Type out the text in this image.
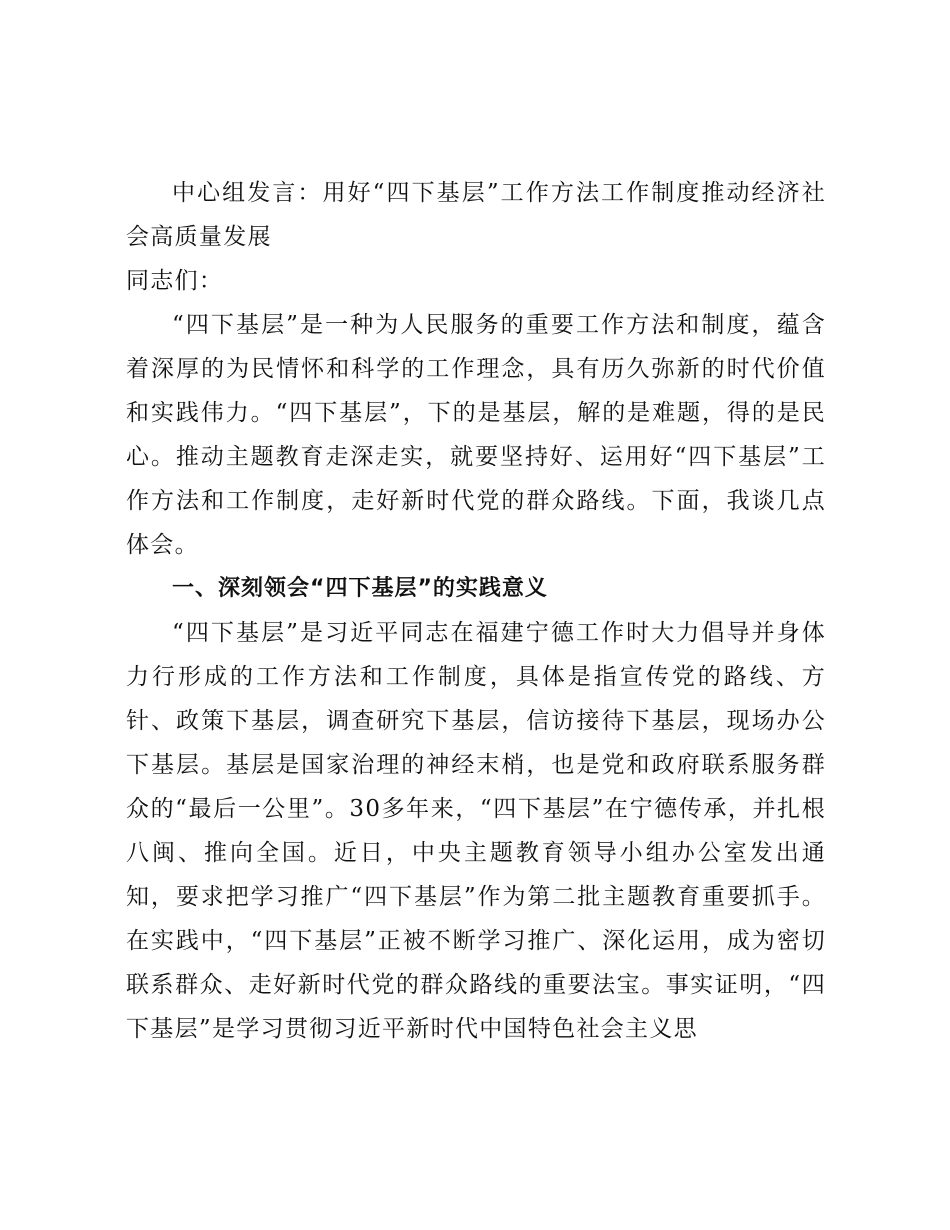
中心组发言：用好“四下基层”工作方法工作制度推动经济社会高质量发展

同志们：

“四下基层”是一种为人民服务的重要工作方法和制度，蕴含着深厚的为民情怀和科学的工作理念，具有历久弥新的时代价值和实践伟力。“四下基层”，下的是基层，解的是难题，得的是民心。推动主题教育走深走实，就要坚持好、运用好“四下基层”工作方法和工作制度，走好新时代党的群众路线。下面，我谈几点体会。

一、深刻领会“四下基层”的实践意义

“四下基层”是习近平同志在福建宁德工作时大力倡导并身体力行形成的工作方法和工作制度，具体是指宣传党的路线、方针、政策下基层，调查研究下基层，信访接待下基层，现场办公下基层。基层是国家治理的神经末梢，也是党和政府联系服务群众的“最后一公里”。30多年来，“四下基层”在宁德传承，并扎根八闽、推向全国。近日，中央主题教育领导小组办公室发出通知，要求把学习推广“四下基层”作为第二批主题教育重要抓手。在实践中，“四下基层”正被不断学习推广、深化运用，成为密切联系群众、走好新时代党的群众路线的重要法宝。事实证明，“四下基层”是学习贯彻习近平新时代中国特色社会主义思
